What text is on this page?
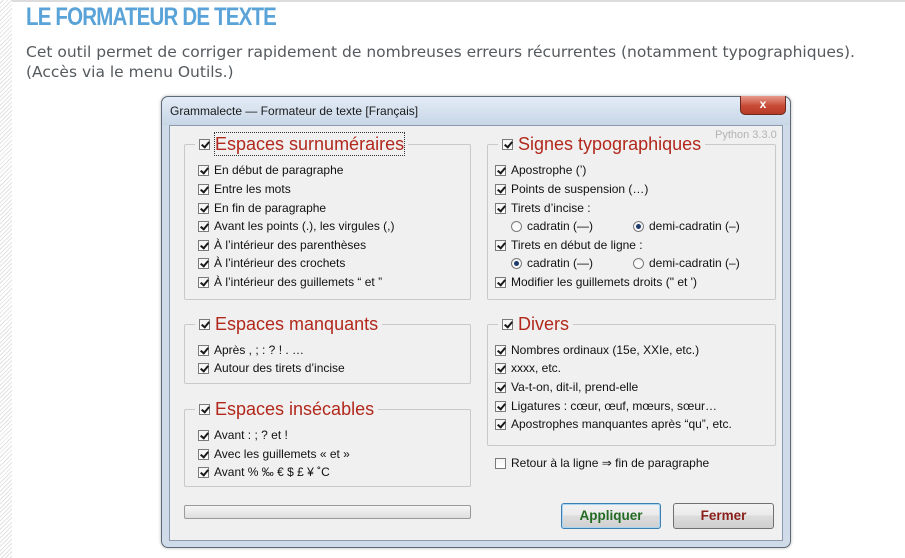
LE FORMATEUR DE TEXTE

Cet outil permet de corriger rapidement de nombreuses erreurs récurrentes (notamment typographiques). (Accès via le menu Outils.)

Grammalecte — Formateur de texte [Français]	x
Python 3.3.0
Espaces surnuméraires
En début de paragraphe
Entre les mots
En fin de paragraphe
Avant les points (.), les virgules (,)
À l’intérieur des parenthèses
À l’intérieur des crochets
À l’intérieur des guillemets “ et ”
Espaces manquants
Après , ; : ? ! . …
Autour des tirets d’incise
Espaces insécables
Avant : ; ? et !
Avec les guillemets « et »
Avant % ‰ € $ £ ¥ ˚C
Signes typographiques
Apostrophe (’)
Points de suspension (…)
Tirets d’incise :
cadratin (—)	demi-cadratin (–)
Tirets en début de ligne :
cadratin (—)	demi-cadratin (–)
Modifier les guillemets droits (" et ')
Divers
Nombres ordinaux (15e, XXIe, etc.)
xxxx, etc.
Va-t-on, dit-il, prend-elle
Ligatures : cœur, œuf, mœurs, sœur…
Apostrophes manquantes après “qu”, etc.
Retour à la ligne ⇒ fin de paragraphe
Appliquer	Fermer
